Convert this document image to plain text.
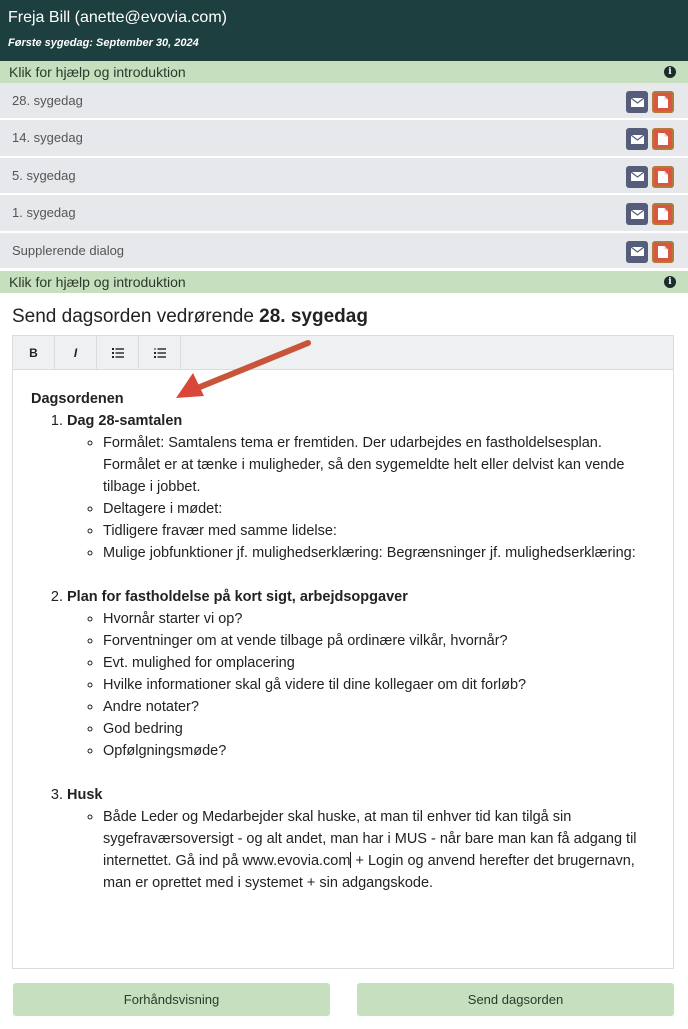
Freja Bill (anette@evovia.com)
Første sygedag: September 30, 2024
Klik for hjælp og introduktion	i
28. sygedag
14. sygedag
5. sygedag
1. sygedag
Supplerende dialog
Klik for hjælp og introduktion	i
Send dagsorden vedrørende 28. sygedag
B	I
Dagsordenen
1. Dag 28-samtalen
◦ Formålet: Samtalens tema er fremtiden. Der udarbejdes en fastholdelsesplan. Formålet er at tænke i muligheder, så den sygemeldte helt eller delvist kan vende tilbage i jobbet.
◦ Deltagere i mødet:
◦ Tidligere fravær med samme lidelse:
◦ Mulige jobfunktioner jf. mulighedserklæring: Begrænsninger jf. mulighedserklæring:
2. Plan for fastholdelse på kort sigt, arbejdsopgaver
◦ Hvornår starter vi op?
◦ Forventninger om at vende tilbage på ordinære vilkår, hvornår?
◦ Evt. mulighed for omplacering
◦ Hvilke informationer skal gå videre til dine kollegaer om dit forløb?
◦ Andre notater?
◦ God bedring
◦ Opfølgningsmøde?
3. Husk
◦ Både Leder og Medarbejder skal huske, at man til enhver tid kan tilgå sin sygefraværsoversigt - og alt andet, man har i MUS - når bare man kan få adgang til internettet. Gå ind på www.evovia.com + Login og anvend herefter det brugernavn, man er oprettet med i systemet + sin adgangskode.
Forhåndsvisning	Send dagsorden
